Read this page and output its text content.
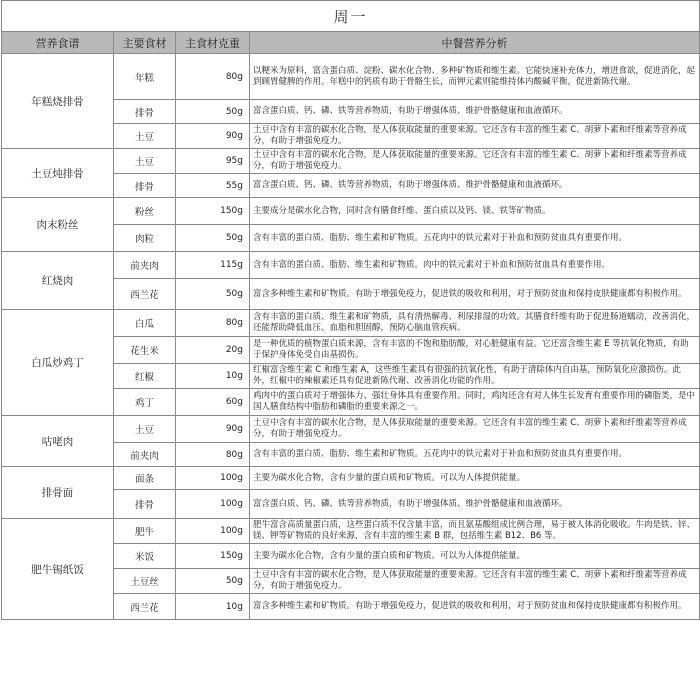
周一			
营养食谱	主要食材	主食材克重	中餐营养分析
年糕烧排骨	年糕	80g	以粳米为原料，富含蛋白质、淀粉、碳水化合物、多种矿物质和维生素。它能快速补充体力，增进食欲，促进消化，起到顾胃健脾的作用。年糕中的钙质有助于骨骼生长，而钾元素则能维持体内酸碱平衡，促进新陈代谢。

	排骨	50g	富含蛋白质、钙、磷、铁等营养物质，有助于增强体质、维护骨骼健康和血液循环。

	土豆	90g	土豆中含有丰富的碳水化合物，是人体获取能量的重要来源。它还含有丰富的维生素 C、胡萝卜素和纤维素等营养成分，有助于增强免疫力。

土豆炖排骨	土豆	95g	土豆中含有丰富的碳水化合物，是人体获取能量的重要来源。它还含有丰富的维生素 C、胡萝卜素和纤维素等营养成分，有助于增强免疫力。

	排骨	55g	富含蛋白质、钙、磷、铁等营养物质，有助于增强体质、维护骨骼健康和血液循环。

肉末粉丝	粉丝	150g	主要成分是碳水化合物，同时含有膳食纤维、蛋白质以及钙、镁、铁等矿物质。

	肉粒	50g	含有丰富的蛋白质、脂肪、维生素和矿物质。五花肉中的铁元素对于补血和预防贫血具有重要作用。

红烧肉	前夹肉	115g	含有丰富的蛋白质、脂肪、维生素和矿物质。肉中的铁元素对于补血和预防贫血具有重要作用。

	西兰花	50g	富含多种维生素和矿物质。有助于增强免疫力，促进铁的吸收和利用，对于预防贫血和保持皮肤健康都有积极作用。

白瓜炒鸡丁	白瓜	80g	含有丰富的蛋白质、维生素和矿物质，具有清热解毒、利尿排湿的功效。其膳食纤维有助于促进肠道蠕动，改善消化，还能帮助降低血压、血脂和胆固醇，预防心脑血管疾病。

	花生米	20g	是一种优质的植物蛋白质来源，含有丰富的不饱和脂肪酸，对心脏健康有益。它还富含维生素 E 等抗氧化物质，有助于保护身体免受自由基损伤。

	红椒	10g	红椒富含维生素 C 和维生素 A，这些维生素具有很强的抗氧化性，有助于清除体内自由基，预防氧化应激损伤。此外，红椒中的辣椒素还具有促进新陈代谢、改善消化功能的作用。

	鸡丁	60g	鸡肉中的蛋白质对于增强体力、强壮身体具有重要作用。同时，鸡肉还含有对人体生长发育有重要作用的磷脂类，是中国人膳食结构中脂肪和磷脂的重要来源之一。

咕咾肉	土豆	90g	土豆中含有丰富的碳水化合物，是人体获取能量的重要来源。它还含有丰富的维生素 C、胡萝卜素和纤维素等营养成分，有助于增强免疫力。

	前夹肉	80g	含有丰富的蛋白质、脂肪、维生素和矿物质。五花肉中的铁元素对于补血和预防贫血具有重要作用。

排骨面	面条	100g	主要为碳水化合物，含有少量的蛋白质和矿物质。可以为人体提供能量。

	排骨	100g	富含蛋白质、钙、磷、铁等营养物质，有助于增强体质、维护骨骼健康和血液循环。

肥牛锡纸饭	肥牛	100g	肥牛富含高质量蛋白质，这些蛋白质不仅含量丰富，而且氨基酸组成比例合理，易于被人体消化吸收。牛肉是铁、锌、镁、钾等矿物质的良好来源，含有丰富的维生素 B 群，包括维生素 B12、B6 等。

	米饭	150g	主要为碳水化合物，含有少量的蛋白质和矿物质。可以为人体提供能量。

	土豆丝	50g	土豆中含有丰富的碳水化合物，是人体获取能量的重要来源。它还含有丰富的维生素 C、胡萝卜素和纤维素等营养成分，有助于增强免疫力。

	西兰花	10g	富含多种维生素和矿物质。有助于增强免疫力，促进铁的吸收和利用，对于预防贫血和保持皮肤健康都有积极作用。
